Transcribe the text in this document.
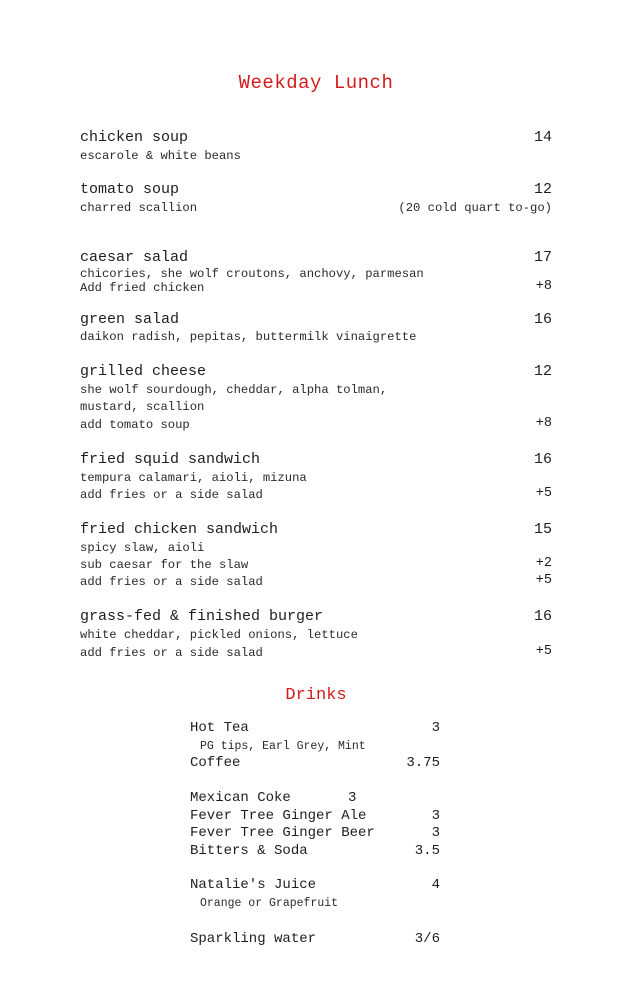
Weekday Lunch
chicken soup	14
escarole & white beans
tomato soup	12
charred scallion	(20 cold quart to-go)
caesar salad	17
chicories, she wolf croutons, anchovy, parmesan
Add fried chicken	+8
green salad	16
daikon radish, pepitas, buttermilk vinaigrette
grilled cheese	12
she wolf sourdough, cheddar, alpha tolman,
mustard, scallion
add tomato soup	+8
fried squid sandwich	16
tempura calamari, aioli, mizuna
add fries or a side salad	+5
fried chicken sandwich	15
spicy slaw, aioli
sub caesar for the slaw	+2
add fries or a side salad	+5
grass-fed & finished burger	16
white cheddar, pickled onions, lettuce
add fries or a side salad	+5
Drinks
Hot Tea	3
PG tips, Earl Grey, Mint
Coffee	3.75
Mexican Coke	3
Fever Tree Ginger Ale	3
Fever Tree Ginger Beer	3
Bitters & Soda	3.5
Natalie's Juice	4
Orange or Grapefruit
Sparkling water	3/6
